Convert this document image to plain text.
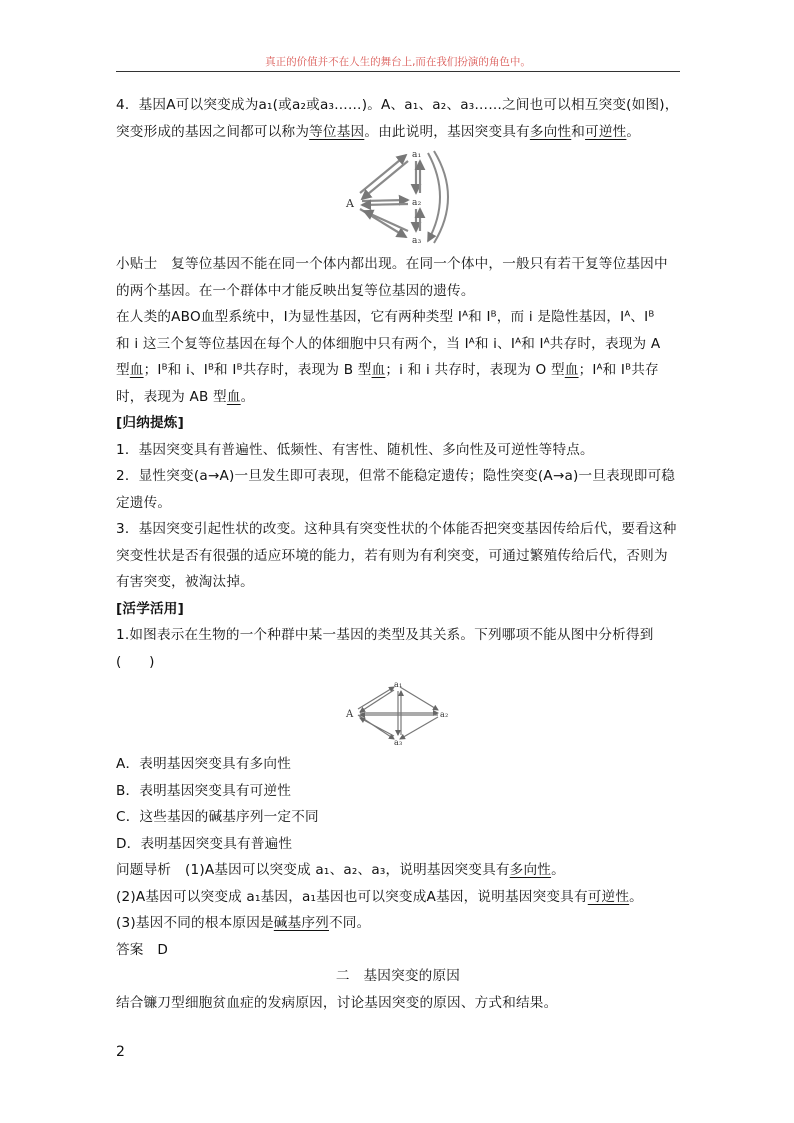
真正的价值并不在人生的舞台上,而在我们扮演的角色中。

4．基因A可以突变成为a₁(或a₂或a₃……)。A、a₁、a₂、a₃……之间也可以相互突变(如图)，

突变形成的基因之间都可以称为等位基因。由此说明，基因突变具有多向性和可逆性。

A
a₁
a₂
a₃

小贴士　复等位基因不能在同一个体内都出现。在同一个体中，一般只有若干复等位基因中

的两个基因。在一个群体中才能反映出复等位基因的遗传。

在人类的ABO血型系统中，I为显性基因，它有两种类型 Iᴬ和 Iᴮ，而 i 是隐性基因，Iᴬ、Iᴮ

和 i 这三个复等位基因在每个人的体细胞中只有两个，当 Iᴬ和 i、Iᴬ和 Iᴬ共存时，表现为 A

型血；Iᴮ和 i、Iᴮ和 Iᴮ共存时，表现为 B 型血；i 和 i 共存时，表现为 O 型血；Iᴬ和 Iᴮ共存

时，表现为 AB 型血。

[归纳提炼]

1．基因突变具有普遍性、低频性、有害性、随机性、多向性及可逆性等特点。

2．显性突变(a→A)一旦发生即可表现，但常不能稳定遗传；隐性突变(A→a)一旦表现即可稳

定遗传。

3．基因突变引起性状的改变。这种具有突变性状的个体能否把突变基因传给后代，要看这种

突变性状是否有很强的适应环境的能力，若有则为有利突变，可通过繁殖传给后代，否则为

有害突变，被淘汰掉。

[活学活用]

1.如图表示在生物的一个种群中某一基因的类型及其关系。下列哪项不能从图中分析得到

(　　)

A
a₁
a₂
a₃

A．表明基因突变具有多向性

B．表明基因突变具有可逆性

C．这些基因的碱基序列一定不同

D．表明基因突变具有普遍性

问题导析　(1)A基因可以突变成 a₁、a₂、a₃，说明基因突变具有多向性。

(2)A基因可以突变成 a₁基因，a₁基因也可以突变成A基因，说明基因突变具有可逆性。

(3)基因不同的根本原因是碱基序列不同。

答案　D

二　基因突变的原因

结合镰刀型细胞贫血症的发病原因，讨论基因突变的原因、方式和结果。

2
